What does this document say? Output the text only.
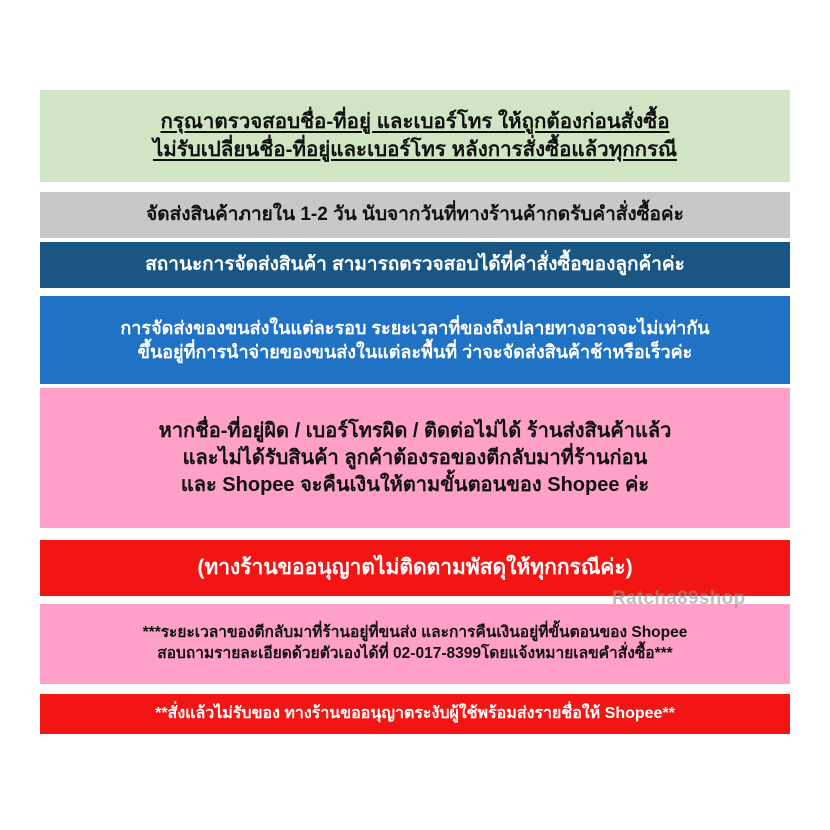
กรุณาตรวจสอบชื่อ-ที่อยู่ และเบอร์โทร ให้ถูกต้องก่อนสั่งซื้อ
ไม่รับเปลี่ยนชื่อ-ที่อยู่และเบอร์โทร หลังการสั่งซื้อแล้วทุกกรณี
จัดส่งสินค้าภายใน 1-2 วัน นับจากวันที่ทางร้านค้ากดรับคำสั่งซื้อค่ะ
สถานะการจัดส่งสินค้า สามารถตรวจสอบได้ที่คำสั่งซื้อของลูกค้าค่ะ
การจัดส่งของขนส่งในแต่ละรอบ ระยะเวลาที่ของถึงปลายทางอาจจะไม่เท่ากัน
ขึ้นอยู่ที่การนำจ่ายของขนส่งในแต่ละพื้นที่ ว่าจะจัดส่งสินค้าช้าหรือเร็วค่ะ
หากชื่อ-ที่อยู่ผิด / เบอร์โทรผิด / ติดต่อไม่ได้ ร้านส่งสินค้าแล้ว
และไม่ได้รับสินค้า ลูกค้าต้องรอของตีกลับมาที่ร้านก่อน
และ Shopee จะคืนเงินให้ตามขั้นตอนของ Shopee ค่ะ
(ทางร้านขออนุญาตไม่ติดตามพัสดุให้ทุกกรณีค่ะ)
***ระยะเวลาของตีกลับมาที่ร้านอยู่ที่ขนส่ง และการคืนเงินอยู่ที่ขั้นตอนของ Shopee
สอบถามรายละเอียดด้วยตัวเองได้ที่ 02-017-8399โดยแจ้งหมายเลขคำสั่งซื้อ***
**สั่งแล้วไม่รับของ ทางร้านขออนุญาตระงับผู้ใช้พร้อมส่งรายชื่อให้ Shopee**
Ratcha89shop
